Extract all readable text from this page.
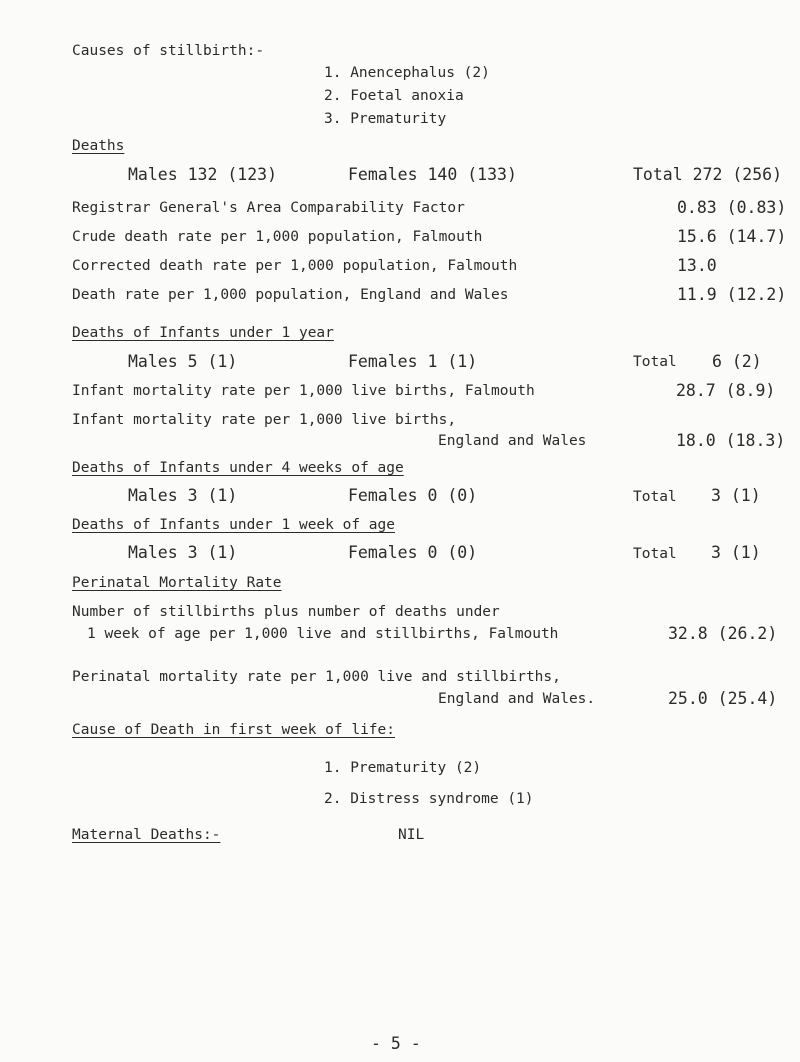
Causes of stillbirth:-
1. Anencephalus (2)
2. Foetal anoxia
3. Prematurity
Deaths
Males 132 (123)	Females 140 (133)	Total 272 (256)
Registrar General's Area Comparability Factor	0.83 (0.83)
Crude death rate per 1,000 population, Falmouth	15.6 (14.7)
Corrected death rate per 1,000 population, Falmouth	13.0
Death rate per 1,000 population, England and Wales	11.9 (12.2)
Deaths of Infants under 1 year
Males 5 (1)	Females 1 (1)	Total 6 (2)
Infant mortality rate per 1,000 live births, Falmouth	28.7 (8.9)
Infant mortality rate per 1,000 live births,
England and Wales	18.0 (18.3)
Deaths of Infants under 4 weeks of age
Males 3 (1)	Females 0 (0)	Total 3 (1)
Deaths of Infants under 1 week of age
Males 3 (1)	Females 0 (0)	Total 3 (1)
Perinatal Mortality Rate
Number of stillbirths plus number of deaths under
1 week of age per 1,000 live and stillbirths, Falmouth	32.8 (26.2)
Perinatal mortality rate per 1,000 live and stillbirths,
England and Wales.	25.0 (25.4)
Cause of Death in first week of life:
1. Prematurity (2)
2. Distress syndrome (1)
Maternal Deaths:-	NIL
- 5 -
